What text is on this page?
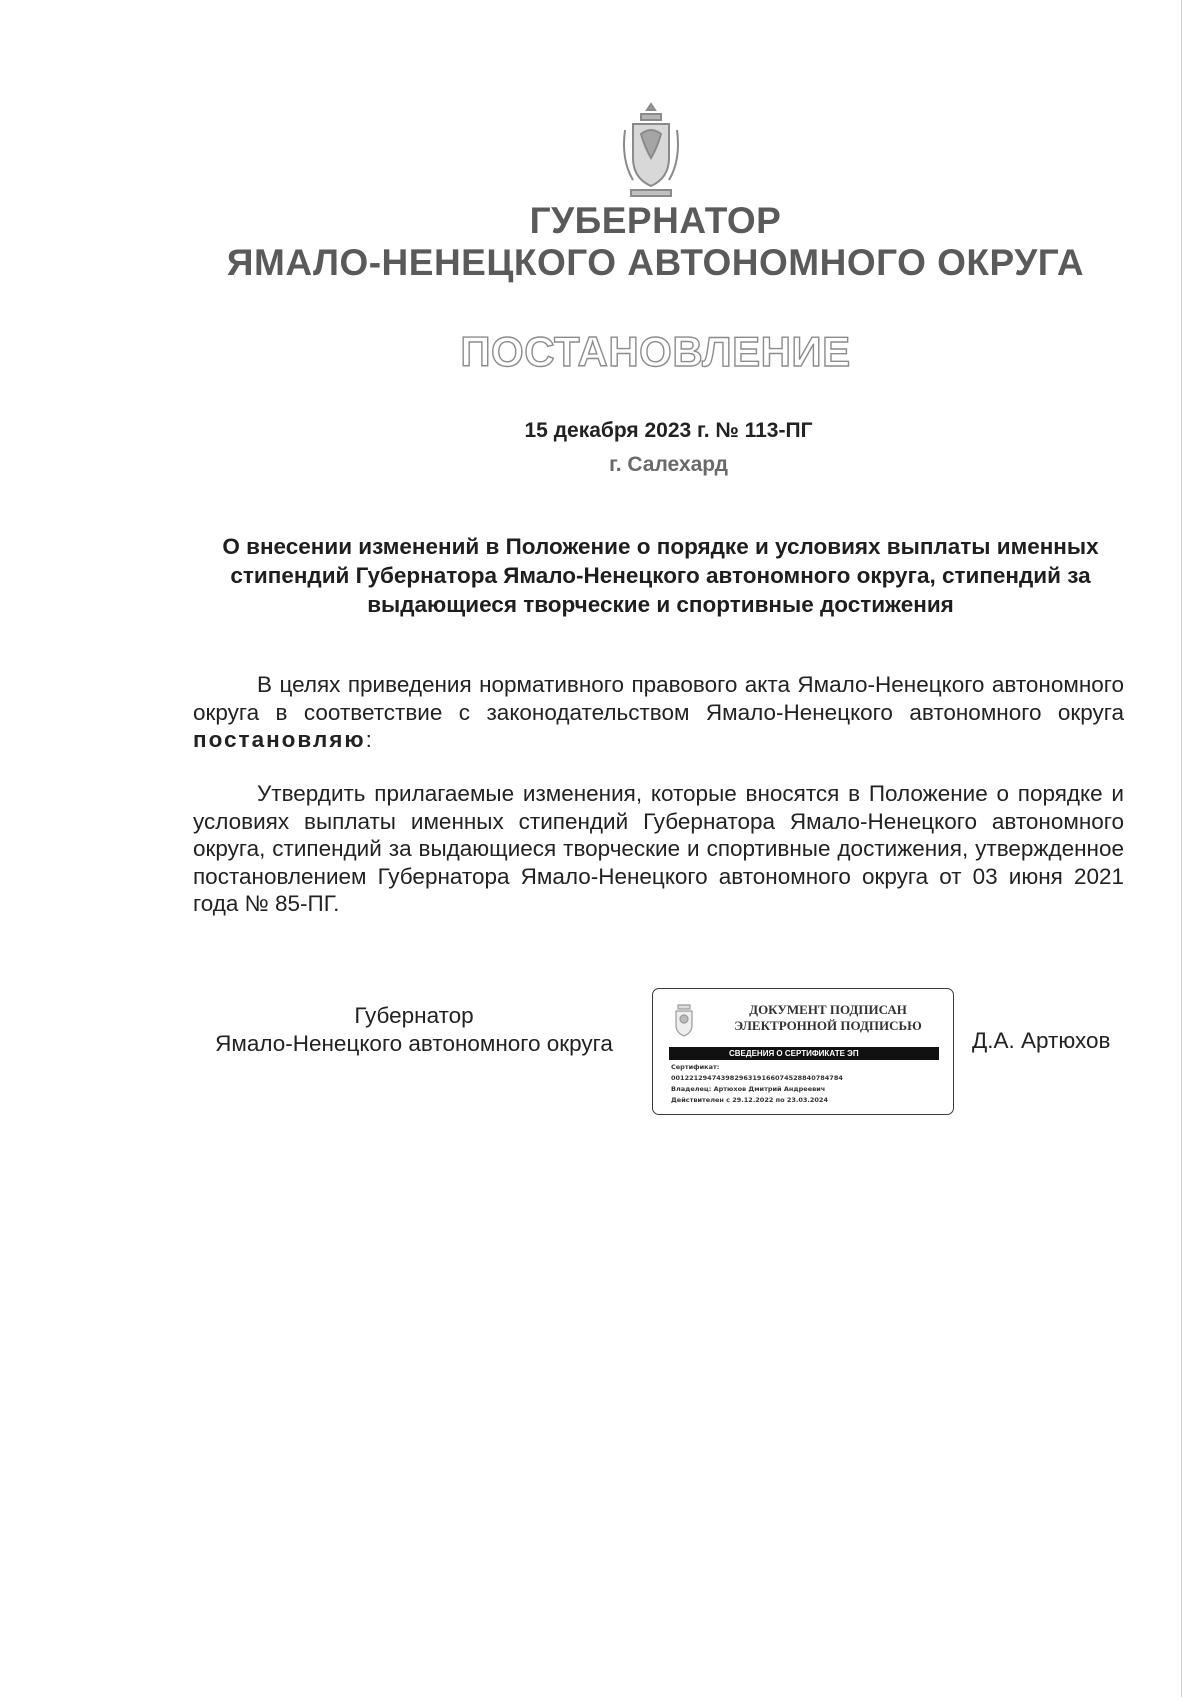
ГУБЕРНАТОР
ЯМАЛО-НЕНЕЦКОГО АВТОНОМНОГО ОКРУГА
ПОСТАНОВЛЕНИЕ
15 декабря 2023 г. № 113-ПГ
г. Салехард
О внесении изменений в Положение о порядке и условиях выплаты именных стипендий Губернатора Ямало-Ненецкого автономного округа, стипендий за выдающиеся творческие и спортивные достижения
В целях приведения нормативного правового акта Ямало-Ненецкого автономного округа в соответствие с законодательством Ямало-Ненецкого автономного округа постановляю:
Утвердить прилагаемые изменения, которые вносятся в Положение о порядке и условиях выплаты именных стипендий Губернатора Ямало-Ненецкого автономного округа, стипендий за выдающиеся творческие и спортивные достижения, утвержденное постановлением Губернатора Ямало-Ненецкого автономного округа от 03 июня 2021 года № 85-ПГ.
Губернатор
Ямало-Ненецкого автономного округа
ДОКУМЕНТ ПОДПИСАН
ЭЛЕКТРОННОЙ ПОДПИСЬЮ
СВЕДЕНИЯ О СЕРТИФИКАТЕ ЭП
Сертификат:
00122129474398296319166074528840784784
Владелец: Артюхов Дмитрий Андреевич
Действителен с 29.12.2022 по 23.03.2024
Д.А. Артюхов
